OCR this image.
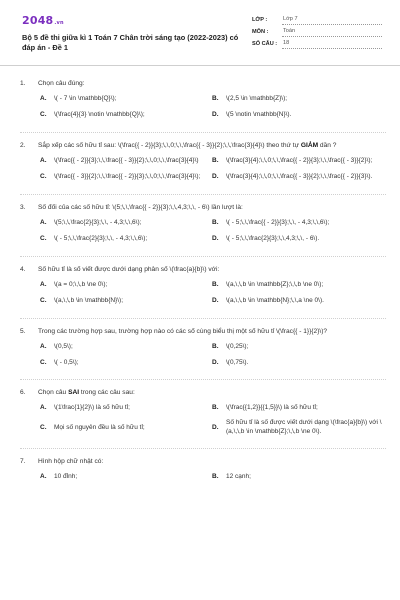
2048.vn
Bộ 5 đề thi giữa kì 1 Toán 7 Chân trời sáng tạo (2022-2023) có đáp án - Đề 1
LỚP :	Lớp 7
MÔN :	Toán
SỐ CÂU :	18
1.	Chọn câu đúng:
A.	\( - 7 \in \mathbb{Q}\);	B.	\(2,5 \in \mathbb{Z}\);
C.	\(\frac{4}{3} \notin \mathbb{Q}\);	D.	\(5 \notin \mathbb{N}\).
2.	Sắp xếp các số hữu tỉ sau: \(\frac{{ - 2}}{3};\,\,0;\,\,\frac{{ - 3}}{2};\,\,\frac{3}{4}\) theo thứ tự GIẢM dần ?
A.	\(\frac{{ - 2}}{3};\,\,\frac{{ - 3}}{2};\,\,0;\,\,\frac{3}{4}\)	B.	\(\frac{3}{4};\,\,0;\,\,\frac{{ - 2}}{3};\,\,\frac{{ - 3}}{2}\);
C.	\(\frac{{ - 3}}{2};\,\,\frac{{ - 2}}{3};\,\,0;\,\,\frac{3}{4}\);	D.	\(\frac{3}{4};\,\,0;\,\,\frac{{ - 3}}{2};\,\,\frac{{ - 2}}{3}\).
3.	Số đối của các số hữu tỉ: \(5;\,\,\frac{{ - 2}}{3};\,\,4,3;\,\, - 6\) lần lượt là:
A.	\(5;\,\,\frac{2}{3};\,\, - 4,3;\,\,6\);	B.	\( - 5;\,\,\frac{{ - 2}}{3};\,\, - 4,3;\,\,6\);
C.	\( - 5;\,\,\frac{2}{3};\,\, - 4,3;\,\,6\);	D.	\( - 5;\,\,\frac{2}{3};\,\,4,3;\,\, - 6\).
4.	Số hữu tỉ là số viết được dưới dạng phân số \(\frac{a}{b}\) với:
A.	\(a = 0;\,\,b \ne 0\);	B.	\(a,\,\,b \in \mathbb{Z};\,\,b \ne 0\);
C.	\(a,\,\,b \in \mathbb{N}\);	D.	\(a,\,\,b \in \mathbb{N};\,\,a \ne 0\).
5.	Trong các trường hợp sau, trường hợp nào có các số cùng biểu thị một số hữu tỉ \(\frac{{ - 1}}{2}\)?
A.	\(0,5\);	B.	\(0,25\);
C.	\( - 0,5\);	D.	\(0,75\).
6.	Chọn câu SAI trong các câu sau:
A.	\(1\frac{1}{2}\) là số hữu tỉ;	B.	\(\frac{{1,2}}{{1,5}}\) là số hữu tỉ;
C.	Mọi số nguyên đều là số hữu tỉ;	D.
Số hữu tỉ là số được viết dưới dạng \(\frac{a}{b}\) với \(a,\,\,b \in \mathbb{Z};\,\,b \ne 0\).
7.	Hình hộp chữ nhật có:
A.	10 đỉnh;	B.	12 cạnh;
